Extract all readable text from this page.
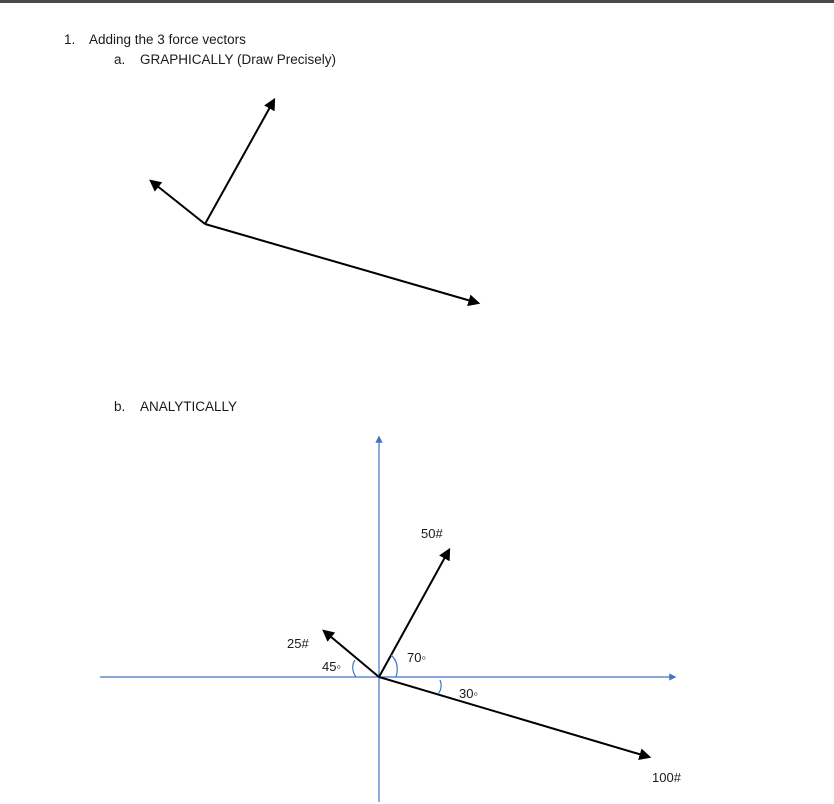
1. Adding the 3 force vectors
a. GRAPHICALLY (Draw Precisely)
b. ANALYTICALLY
50#
25#
100#
70◦
45◦
30◦
